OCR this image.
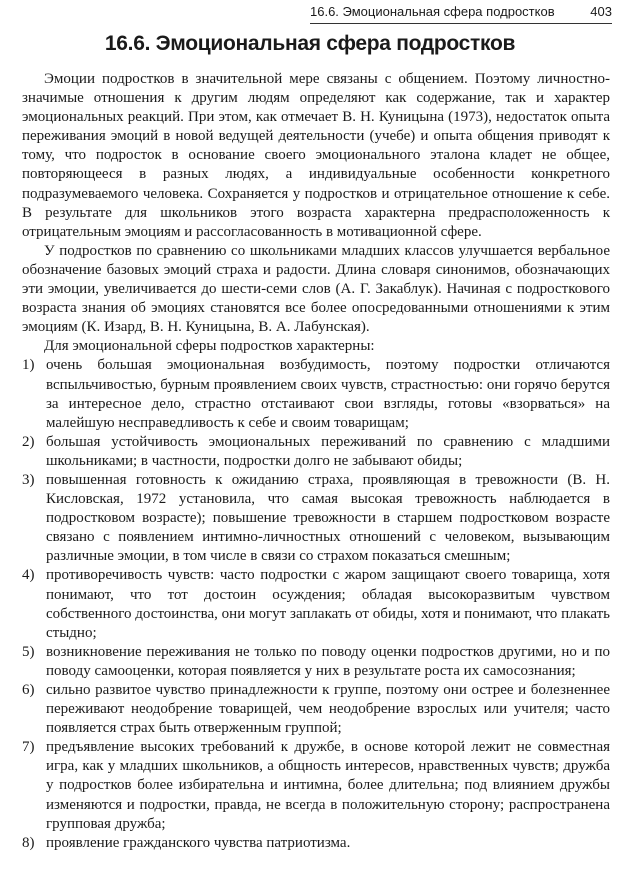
16.6. Эмоциональная сфера подростков	403
16.6. Эмоциональная сфера подростков

Эмоции подростков в значительной мере связаны с общением. Поэтому личностно-значимые отношения к другим людям определяют как содержание, так и характер эмоциональных реакций. При этом, как отмечает В. Н. Куницына (1973), недостаток опыта переживания эмоций в новой ведущей деятельности (учебе) и опыта общения приводят к тому, что подросток в основание своего эмоционального эталона кладет не общее, повторяющееся в разных людях, а индивидуальные особенности конкретного подразумеваемого человека. Сохраняется у подростков и отрицательное отношение к себе. В результате для школьников этого возраста характерна предрасположенность к отрицательным эмоциям и рассогласованность в мотивационной сфере.

У подростков по сравнению со школьниками младших классов улучшается вербальное обозначение базовых эмоций страха и радости. Длина словаря синонимов, обозначающих эти эмоции, увеличивается до шести-семи слов (А. Г. Закаблук). Начиная с подросткового возраста знания об эмоциях становятся все более опосредованными отношениями к этим эмоциям (К. Изард, В. Н. Куницына, В. А. Лабунская).

Для эмоциональной сферы подростков характерны:

1) очень большая эмоциональная возбудимость, поэтому подростки отличаются вспыльчивостью, бурным проявлением своих чувств, страстностью: они горячо берутся за интересное дело, страстно отстаивают свои взгляды, готовы «взорваться» на малейшую несправедливость к себе и своим товарищам;
2) большая устойчивость эмоциональных переживаний по сравнению с младшими школьниками; в частности, подростки долго не забывают обиды;
3) повышенная готовность к ожиданию страха, проявляющая в тревожности (В. Н. Кисловская, 1972 установила, что самая высокая тревожность наблюдается в подростковом возрасте); повышение тревожности в старшем подростковом возрасте связано с появлением интимно-личностных отношений с человеком, вызывающим различные эмоции, в том числе в связи со страхом показаться смешным;
4) противоречивость чувств: часто подростки с жаром защищают своего товарища, хотя понимают, что тот достоин осуждения; обладая высокоразвитым чувством собственного достоинства, они могут заплакать от обиды, хотя и понимают, что плакать стыдно;
5) возникновение переживания не только по поводу оценки подростков другими, но и по поводу самооценки, которая появляется у них в результате роста их самосознания;
6) сильно развитое чувство принадлежности к группе, поэтому они острее и болезненнее переживают неодобрение товарищей, чем неодобрение взрослых или учителя; часто появляется страх быть отверженным группой;
7) предъявление высоких требований к дружбе, в основе которой лежит не совместная игра, как у младших школьников, а общность интересов, нравственных чувств; дружба у подростков более избирательна и интимна, более длительна; под влиянием дружбы изменяются и подростки, правда, не всегда в положительную сторону; распространена групповая дружба;
8) проявление гражданского чувства патриотизма.
